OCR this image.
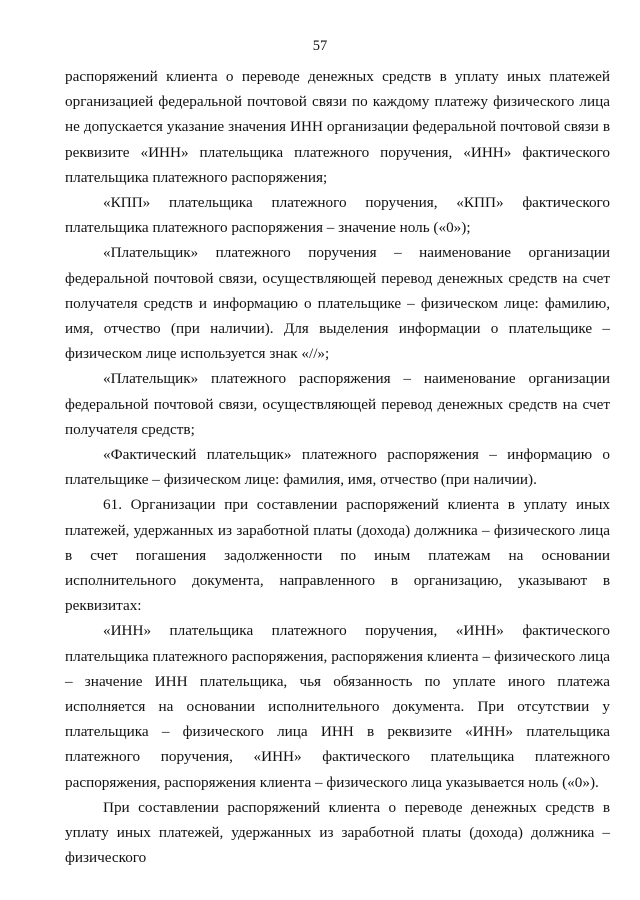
57

распоряжений клиента о переводе денежных средств в уплату иных платежей организацией федеральной почтовой связи по каждому платежу физического лица не допускается указание значения ИНН организации федеральной почтовой связи в реквизите «ИНН» плательщика платежного поручения, «ИНН» фактического плательщика платежного распоряжения;

«КПП» плательщика платежного поручения, «КПП» фактического плательщика платежного распоряжения – значение ноль («0»);

«Плательщик» платежного поручения – наименование организации федеральной почтовой связи, осуществляющей перевод денежных средств на счет получателя средств и информацию о плательщике – физическом лице: фамилию, имя, отчество (при наличии). Для выделения информации о плательщике – физическом лице используется знак «//»;

«Плательщик» платежного распоряжения – наименование организации федеральной почтовой связи, осуществляющей перевод денежных средств на счет получателя средств;

«Фактический плательщик» платежного распоряжения – информацию о плательщике – физическом лице: фамилия, имя, отчество (при наличии).

61. Организации при составлении распоряжений клиента в уплату иных платежей, удержанных из заработной платы (дохода) должника – физического лица в счет погашения задолженности по иным платежам на основании исполнительного документа, направленного в организацию, указывают в реквизитах:

«ИНН» плательщика платежного поручения, «ИНН» фактического плательщика платежного распоряжения, распоряжения клиента – физического лица – значение ИНН плательщика, чья обязанность по уплате иного платежа исполняется на основании исполнительного документа. При отсутствии у плательщика – физического лица ИНН в реквизите «ИНН» плательщика платежного поручения, «ИНН» фактического плательщика платежного распоряжения, распоряжения клиента – физического лица указывается ноль («0»).

При составлении распоряжений клиента о переводе денежных средств в уплату иных платежей, удержанных из заработной платы (дохода) должника – физического
